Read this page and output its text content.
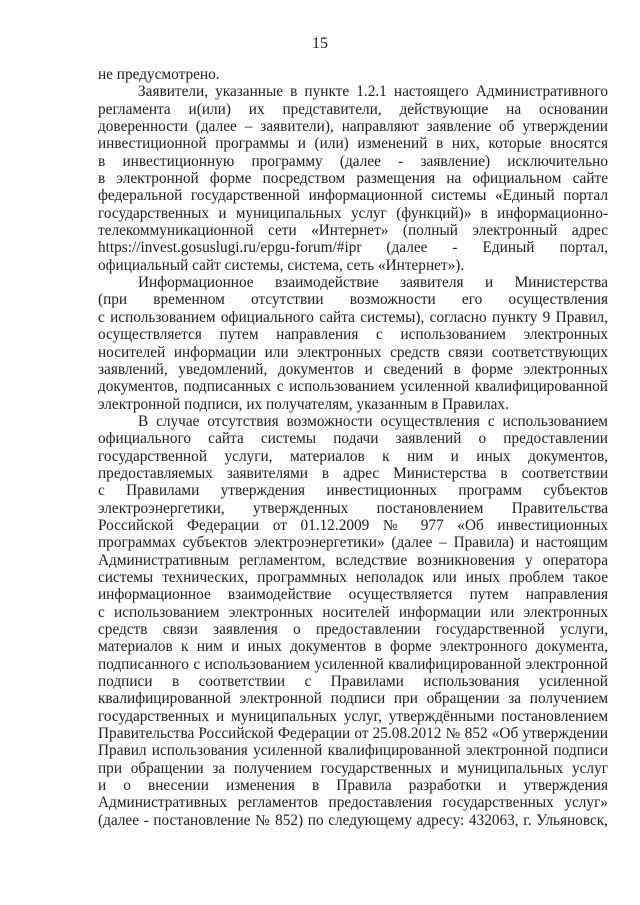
15
не предусмотрено.
Заявители, указанные в пункте 1.2.1 настоящего Административного
регламента и(или) их представители, действующие на основании
доверенности (далее – заявители), направляют заявление об утверждении
инвестиционной программы и (или) изменений в них, которые вносятся
в инвестиционную программу (далее - заявление) исключительно
в электронной форме посредством размещения на официальном сайте
федеральной государственной информационной системы «Единый портал
государственных и муниципальных услуг (функций)» в информационно-
телекоммуникационной сети «Интернет» (полный электронный адрес
https://invest.gosuslugi.ru/epgu-forum/#ipr (далее - Единый портал,
официальный сайт системы, система, сеть «Интернет»).
Информационное взаимодействие заявителя и Министерства
(при временном отсутствии возможности его осуществления
с использованием официального сайта системы), согласно пункту 9 Правил,
осуществляется путем направления с использованием электронных
носителей информации или электронных средств связи соответствующих
заявлений, уведомлений, документов и сведений в форме электронных
документов, подписанных с использованием усиленной квалифицированной
электронной подписи, их получателям, указанным в Правилах.
В случае отсутствия возможности осуществления с использованием
официального сайта системы подачи заявлений о предоставлении
государственной услуги, материалов к ним и иных документов,
предоставляемых заявителями в адрес Министерства в соответствии
с Правилами утверждения инвестиционных программ субъектов
электроэнергетики, утвержденных постановлением Правительства
Российской Федерации от 01.12.2009 № 977 «Об инвестиционных
программах субъектов электроэнергетики» (далее – Правила) и настоящим
Административным регламентом, вследствие возникновения у оператора
системы технических, программных неполадок или иных проблем такое
информационное взаимодействие осуществляется путем направления
с использованием электронных носителей информации или электронных
средств связи заявления о предоставлении государственной услуги,
материалов к ним и иных документов в форме электронного документа,
подписанного с использованием усиленной квалифицированной электронной
подписи в соответствии с Правилами использования усиленной
квалифицированной электронной подписи при обращении за получением
государственных и муниципальных услуг, утверждёнными постановлением
Правительства Российской Федерации от 25.08.2012 № 852 «Об утверждении
Правил использования усиленной квалифицированной электронной подписи
при обращении за получением государственных и муниципальных услуг
и о внесении изменения в Правила разработки и утверждения
Административных регламентов предоставления государственных услуг»
(далее - постановление № 852) по следующему адресу: 432063, г. Ульяновск,
